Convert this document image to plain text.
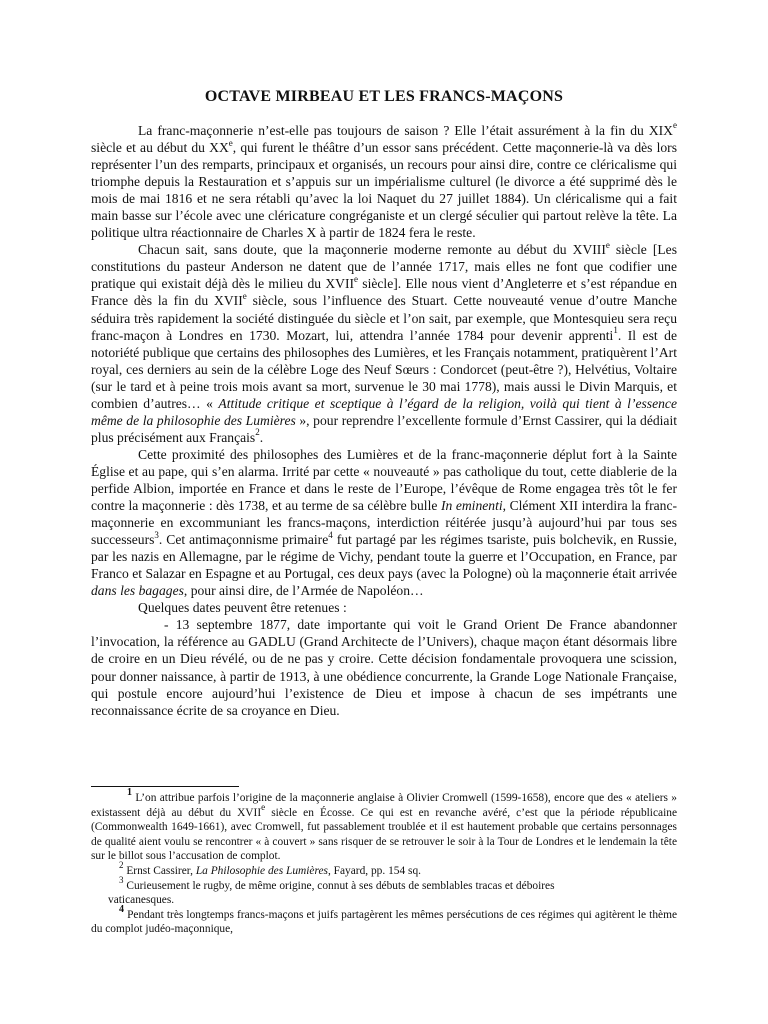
OCTAVE MIRBEAU ET LES FRANCS-MAÇONS

La franc-maçonnerie n’est-elle pas toujours de saison ? Elle l’était assurément à la fin du XIXe siècle et au début du XXe, qui furent le théâtre d’un essor sans précédent. Cette maçonnerie-là va dès lors représenter l’un des remparts, principaux et organisés, un recours pour ainsi dire, contre ce cléricalisme qui triomphe depuis la Restauration et s’appuis sur un impérialisme culturel (le divorce a été supprimé dès le mois de mai 1816 et ne sera rétabli qu’avec la loi Naquet du 27 juillet 1884). Un cléricalisme qui a fait main basse sur l’école avec une cléricature congréganiste et un clergé séculier qui partout relève la tête. La politique ultra réactionnaire de Charles X à partir de 1824 fera le reste.

Chacun sait, sans doute, que la maçonnerie moderne remonte au début du XVIIIe siècle [Les constitutions du pasteur Anderson ne datent que de l’année 1717, mais elles ne font que codifier une pratique qui existait déjà dès le milieu du XVIIe siècle]. Elle nous vient d’Angleterre et s’est répandue en France dès la fin du XVIIe siècle, sous l’influence des Stuart. Cette nouveauté venue d’outre Manche séduira très rapidement la société distinguée du siècle et l’on sait, par exemple, que Montesquieu sera reçu franc-maçon à Londres en 1730. Mozart, lui, attendra l’année 1784 pour devenir apprenti$^1$. Il est de notoriété publique que certains des philosophes des Lumières, et les Français notamment, pratiquèrent l’Art royal, ces derniers au sein de la célèbre Loge des Neuf Sœurs : Condorcet (peut-être ?), Helvétius, Voltaire (sur le tard et à peine trois mois avant sa mort, survenue le 30 mai 1778), mais aussi le Divin Marquis, et combien d’autres… « Attitude critique et sceptique à l’égard de la religion, voilà qui tient à l’essence même de la philosophie des Lumières », pour reprendre l’excellente formule d’Ernst Cassirer, qui la dédiait plus précisément aux Français$^2$.

Cette proximité des philosophes des Lumières et de la franc-maçonnerie déplut fort à la Sainte Église et au pape, qui s’en alarma. Irrité par cette « nouveauté » pas catholique du tout, cette diablerie de la perfide Albion, importée en France et dans le reste de l’Europe, l’évêque de Rome engagea très tôt le fer contre la maçonnerie : dès 1738, et au terme de sa célèbre bulle In eminenti, Clément XII interdira la franc-maçonnerie en excommuniant les francs-maçons, interdiction réitérée jusqu’à aujourd’hui par tous ses successeurs$^3$. Cet antimaçonnisme primaire$^4$ fut partagé par les régimes tsariste, puis bolchevik, en Russie, par les nazis en Allemagne, par le régime de Vichy, pendant toute la guerre et l’Occupation, en France, par Franco et Salazar en Espagne et au Portugal, ces deux pays (avec la Pologne) où la maçonnerie était arrivée dans les bagages, pour ainsi dire, de l’Armée de Napoléon…

Quelques dates peuvent être retenues :

- 13 septembre 1877, date importante qui voit le Grand Orient De France abandonner l’invocation, la référence au GADLU (Grand Architecte de l’Univers), chaque maçon étant désormais libre de croire en un Dieu révélé, ou de ne pas y croire. Cette décision fondamentale provoquera une scission, pour donner naissance, à partir de 1913, à une obédience concurrente, la Grande Loge Nationale Française, qui postule encore aujourd’hui l’existence de Dieu et impose à chacun de ses impétrants une reconnaissance écrite de sa croyance en Dieu.

$^1$ L’on attribue parfois l’origine de la maçonnerie anglaise à Olivier Cromwell (1599-1658), encore que des « ateliers » existassent déjà au début du XVIIe siècle en Écosse. Ce qui est en revanche avéré, c’est que la période républicaine (Commonwealth 1649-1661), avec Cromwell, fut passablement troublée et il est hautement probable que certains personnages de qualité aient voulu se rencontrer « à couvert » sans risquer de se retrouver le soir à la Tour de Londres et le lendemain la tête sur le billot sous l’accusation de complot.

$^2$ Ernst Cassirer, La Philosophie des Lumières, Fayard, pp. 154 sq.

$^3$ Curieusement le rugby, de même origine, connut à ses débuts de semblables tracas et déboires

vaticanesques.

$^4$ Pendant très longtemps francs-maçons et juifs partagèrent les mêmes persécutions de ces régimes qui agitèrent le thème du complot judéo-maçonnique,
